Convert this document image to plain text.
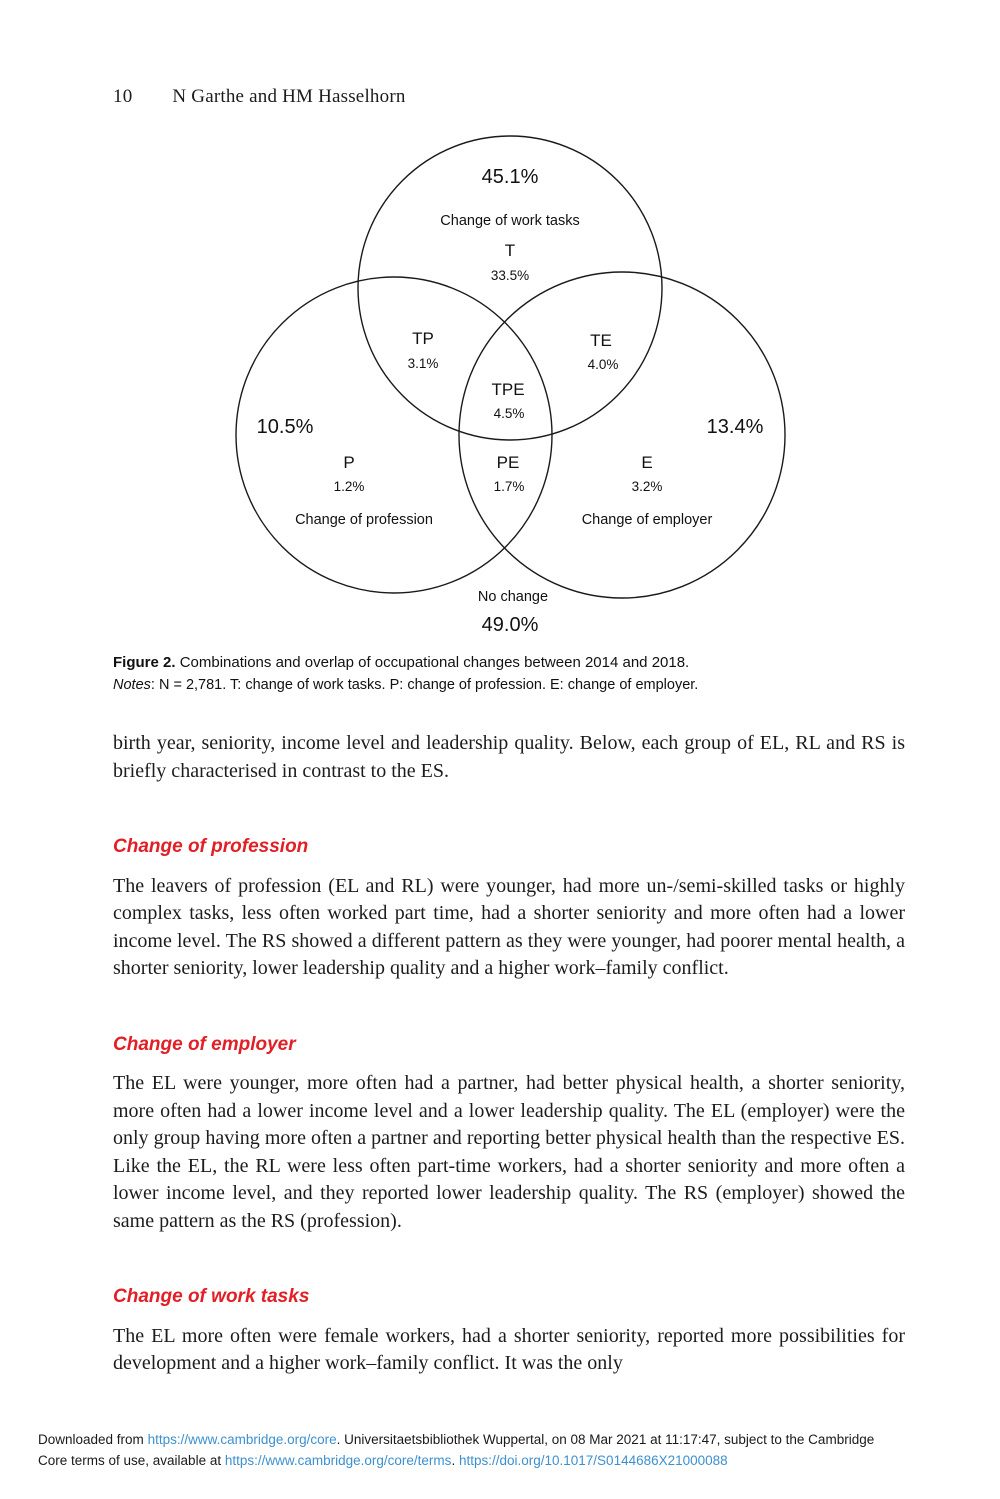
10 N Garthe and HM Hasselhorn
45.1%
Change of work tasks
T
33.5%
TP
3.1%
TE
4.0%
TPE
4.5%
10.5%	13.4%
P
1.2%
PE
1.7%
E
3.2%
Change of profession	Change of employer
No change
49.0%
Figure 2. Combinations and overlap of occupational changes between 2014 and 2018.
Notes: N = 2,781. T: change of work tasks. P: change of profession. E: change of employer.

birth year, seniority, income level and leadership quality. Below, each group of EL, RL and RS is briefly characterised in contrast to the ES.

Change of profession

The leavers of profession (EL and RL) were younger, had more un-/semi-skilled tasks or highly complex tasks, less often worked part time, had a shorter seniority and more often had a lower income level. The RS showed a different pattern as they were younger, had poorer mental health, a shorter seniority, lower leadership quality and a higher work–family conflict.

Change of employer

The EL were younger, more often had a partner, had better physical health, a shorter seniority, more often had a lower income level and a lower leadership quality. The EL (employer) were the only group having more often a partner and reporting better physical health than the respective ES. Like the EL, the RL were less often part-time workers, had a shorter seniority and more often a lower income level, and they reported lower leadership quality. The RS (employer) showed the same pattern as the RS (profession).

Change of work tasks

The EL more often were female workers, had a shorter seniority, reported more possibilities for development and a higher work–family conflict. It was the only

Downloaded from https://www.cambridge.org/core. Universitaetsbibliothek Wuppertal, on 08 Mar 2021 at 11:17:47, subject to the Cambridge
Core terms of use, available at https://www.cambridge.org/core/terms. https://doi.org/10.1017/S0144686X21000088
